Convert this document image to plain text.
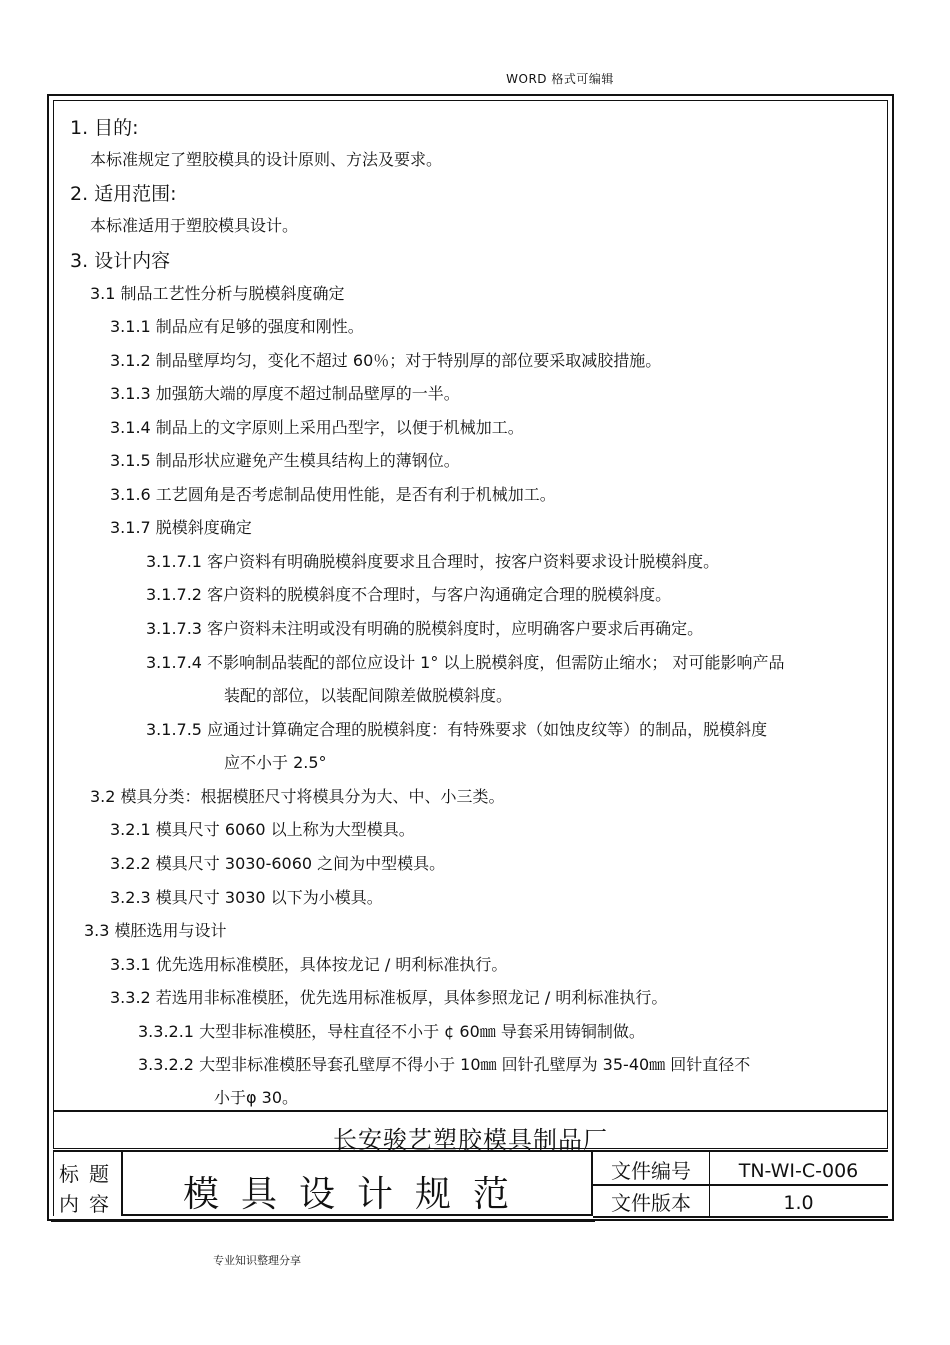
WORD 格式可编辑
1. 目的:
本标准规定了塑胶模具的设计原则、方法及要求。
2. 适用范围:
本标准适用于塑胶模具设计。
3. 设计内容
3.1 制品工艺性分析与脱模斜度确定
3.1.1 制品应有足够的强度和刚性。
3.1.2 制品壁厚均匀，变化不超过 60％；对于特别厚的部位要采取减胶措施。
3.1.3 加强筋大端的厚度不超过制品壁厚的一半。
3.1.4 制品上的文字原则上采用凸型字，以便于机械加工。
3.1.5 制品形状应避免产生模具结构上的薄钢位。
3.1.6 工艺圆角是否考虑制品使用性能，是否有利于机械加工。
3.1.7 脱模斜度确定
3.1.7.1 客户资料有明确脱模斜度要求且合理时，按客户资料要求设计脱模斜度。
3.1.7.2 客户资料的脱模斜度不合理时，与客户沟通确定合理的脱模斜度。
3.1.7.3 客户资料未注明或没有明确的脱模斜度时，应明确客户要求后再确定。
3.1.7.4 不影响制品装配的部位应设计 1° 以上脱模斜度，但需防止缩水； 对可能影响产品
装配的部位，以装配间隙差做脱模斜度。
3.1.7.5 应通过计算确定合理的脱模斜度：有特殊要求（如蚀皮纹等）的制品，脱模斜度
应不小于 2.5°
3.2 模具分类：根据模胚尺寸将模具分为大、中、小三类。
3.2.1 模具尺寸 6060 以上称为大型模具。
3.2.2 模具尺寸 3030-6060 之间为中型模具。
3.2.3 模具尺寸 3030 以下为小模具。
3.3 模胚选用与设计
3.3.1 优先选用标准模胚，具体按龙记 / 明利标准执行。
3.3.2 若选用非标准模胚，优先选用标准板厚，具体参照龙记 / 明利标准执行。
3.3.2.1 大型非标准模胚，导柱直径不小于 ¢ 60㎜ 导套采用铸铜制做。
3.3.2.2 大型非标准模胚导套孔壁厚不得小于 10㎜ 回针孔壁厚为 35-40㎜ 回针直径不
小于φ 30。
长安骏艺塑胶模具制品厂
标题
内容	模具设计规范
文件编号	TN-WI-C-006
文件版本	1.0
专业知识整理分享
